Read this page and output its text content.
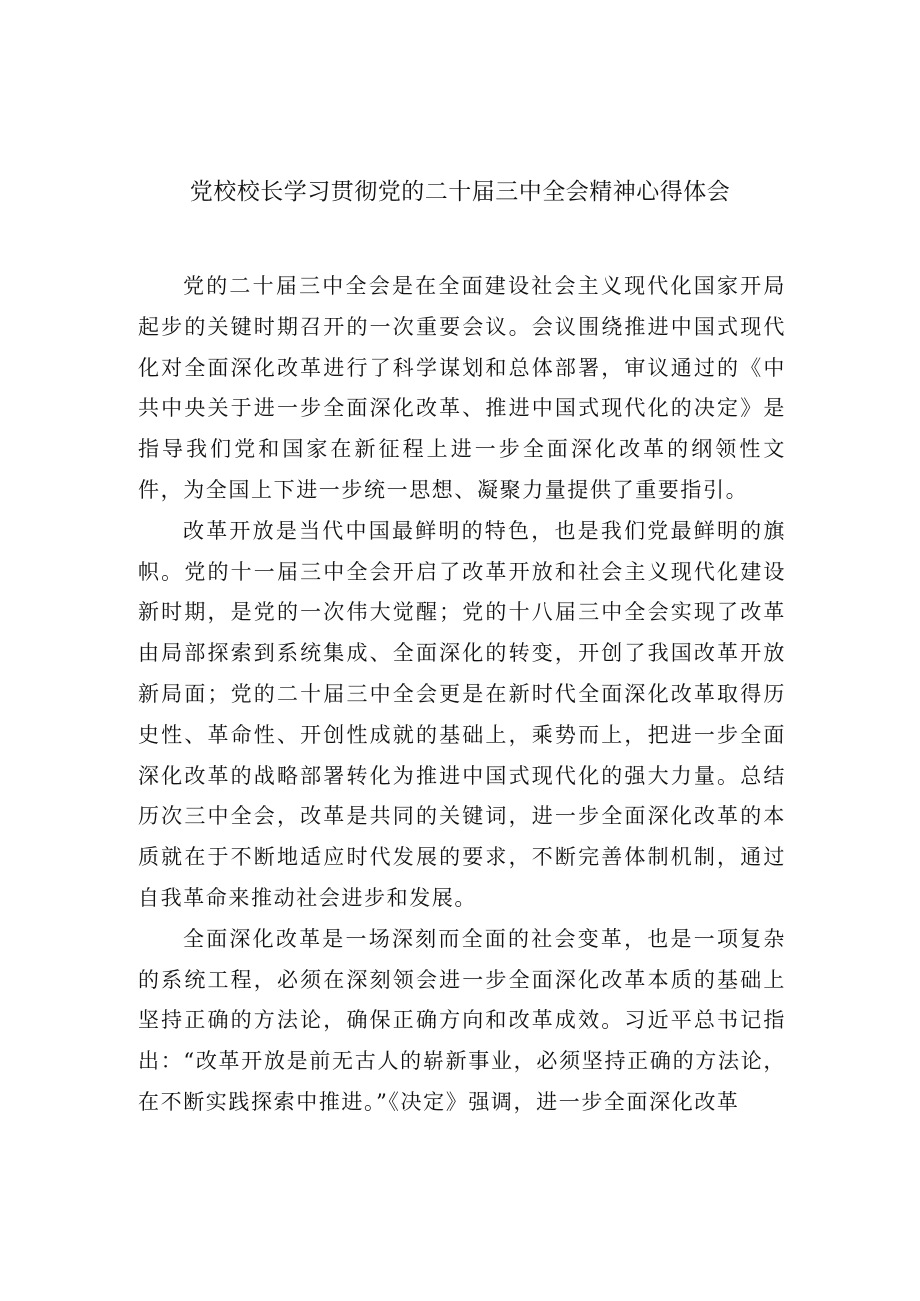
党校校长学习贯彻党的二十届三中全会精神心得体会

党的二十届三中全会是在全面建设社会主义现代化国家开局起步的关键时期召开的一次重要会议。会议围绕推进中国式现代化对全面深化改革进行了科学谋划和总体部署，审议通过的《中共中央关于进一步全面深化改革、推进中国式现代化的决定》是指导我们党和国家在新征程上进一步全面深化改革的纲领性文件，为全国上下进一步统一思想、凝聚力量提供了重要指引。

改革开放是当代中国最鲜明的特色，也是我们党最鲜明的旗帜。党的十一届三中全会开启了改革开放和社会主义现代化建设新时期，是党的一次伟大觉醒；党的十八届三中全会实现了改革由局部探索到系统集成、全面深化的转变，开创了我国改革开放新局面；党的二十届三中全会更是在新时代全面深化改革取得历史性、革命性、开创性成就的基础上，乘势而上，把进一步全面深化改革的战略部署转化为推进中国式现代化的强大力量。总结历次三中全会，改革是共同的关键词，进一步全面深化改革的本质就在于不断地适应时代发展的要求，不断完善体制机制，通过自我革命来推动社会进步和发展。

全面深化改革是一场深刻而全面的社会变革，也是一项复杂的系统工程，必须在深刻领会进一步全面深化改革本质的基础上坚持正确的方法论，确保正确方向和改革成效。习近平总书记指出：“改革开放是前无古人的崭新事业，必须坚持正确的方法论，在不断实践探索中推进。”《决定》强调，进一步全面深化改革
